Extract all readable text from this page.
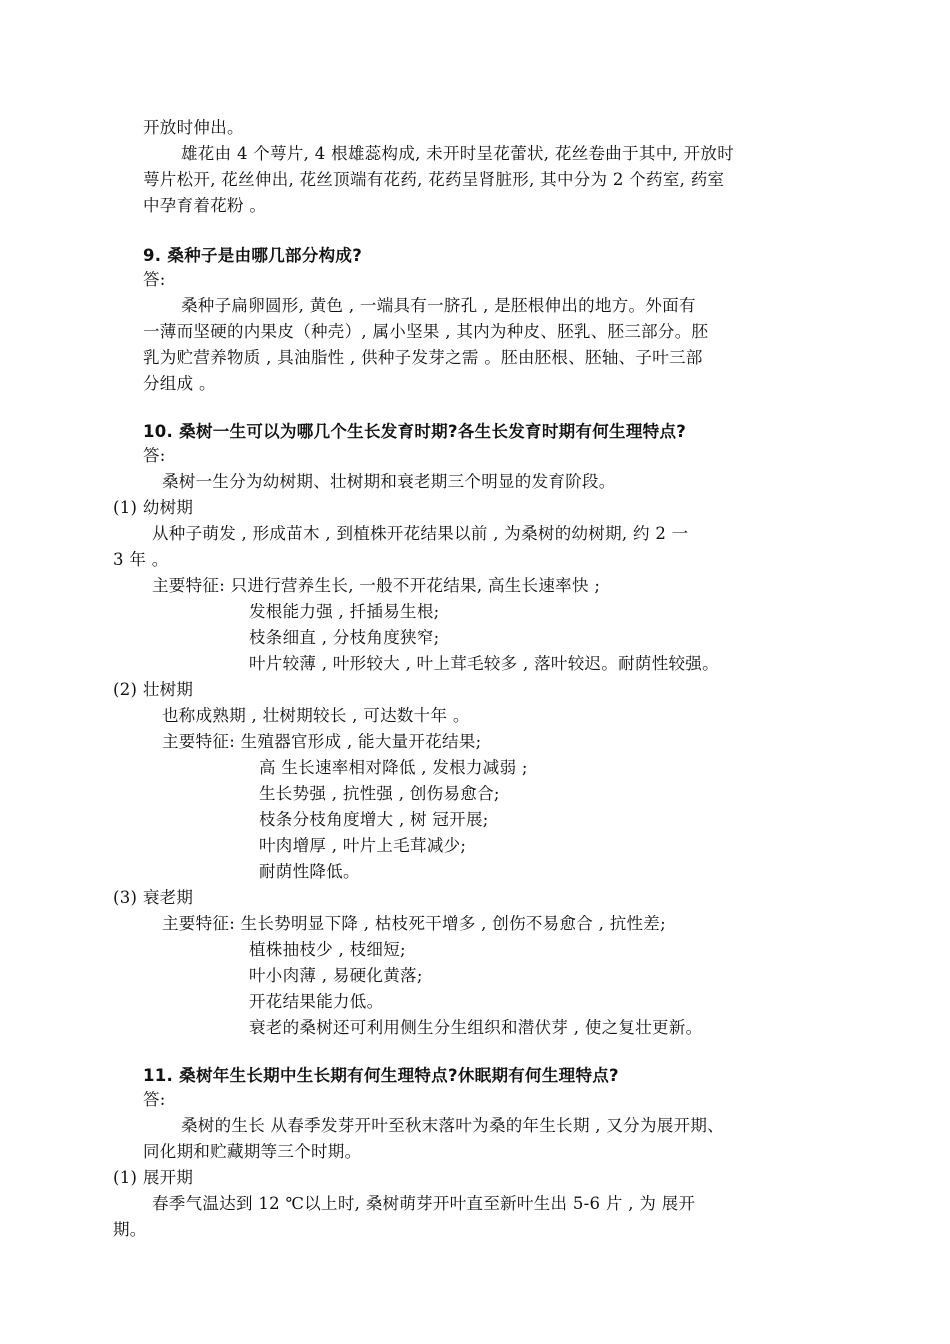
开放时伸出。
雄花由 4 个萼片, 4 根雄蕊构成, 未开时呈花蕾状, 花丝卷曲于其中, 开放时
萼片松开, 花丝伸出, 花丝顶端有花药, 花药呈肾脏形, 其中分为 2 个药室, 药室
中孕育着花粉 。
9. 桑种子是由哪几部分构成?
答:
桑种子扁卵圆形, 黄色 , 一端具有一脐孔 , 是胚根伸出的地方。外面有
一薄而坚硬的内果皮（种壳）, 属小坚果 , 其内为种皮、胚乳、胚三部分。胚
乳为贮营养物质 , 具油脂性 , 供种子发芽之需 。胚由胚根、胚轴、子叶三部
分组成 。
10. 桑树一生可以为哪几个生长发育时期?各生长发育时期有何生理特点?
答:
桑树一生分为幼树期、壮树期和衰老期三个明显的发育阶段。
(1) 幼树期
从种子萌发 , 形成苗木 , 到植株开花结果以前 , 为桑树的幼树期, 约 2 一
3 年 。
主要特征: 只进行营养生长, 一般不开花结果, 高生长速率快 ;
发根能力强 , 扦插易生根;
枝条细直 , 分枝角度狭窄;
叶片较薄 , 叶形较大 , 叶上茸毛较多 , 落叶较迟。耐荫性较强。
(2) 壮树期
也称成熟期 , 壮树期较长 , 可达数十年 。
主要特征: 生殖器官形成 , 能大量开花结果;
高 生长速率相对降低 , 发根力减弱 ;
生长势强 , 抗性强 , 创伤易愈合;
枝条分枝角度增大 , 树 冠开展;
叶肉增厚 , 叶片上毛茸减少;
耐荫性降低。
(3) 衰老期
主要特征: 生长势明显下降 , 枯枝死干增多 , 创伤不易愈合 , 抗性差;
植株抽枝少 , 枝细短;
叶小肉薄 , 易硬化黄落;
开花结果能力低。
衰老的桑树还可利用侧生分生组织和潜伏芽 , 使之复壮更新。
11. 桑树年生长期中生长期有何生理特点?休眠期有何生理特点?
答:
桑树的生长 从春季发芽开叶至秋末落叶为桑的年生长期 , 又分为展开期、
同化期和贮藏期等三个时期。
(1) 展开期
春季气温达到 12 ℃以上时, 桑树萌芽开叶直至新叶生出 5-6 片 , 为 展开
期。
